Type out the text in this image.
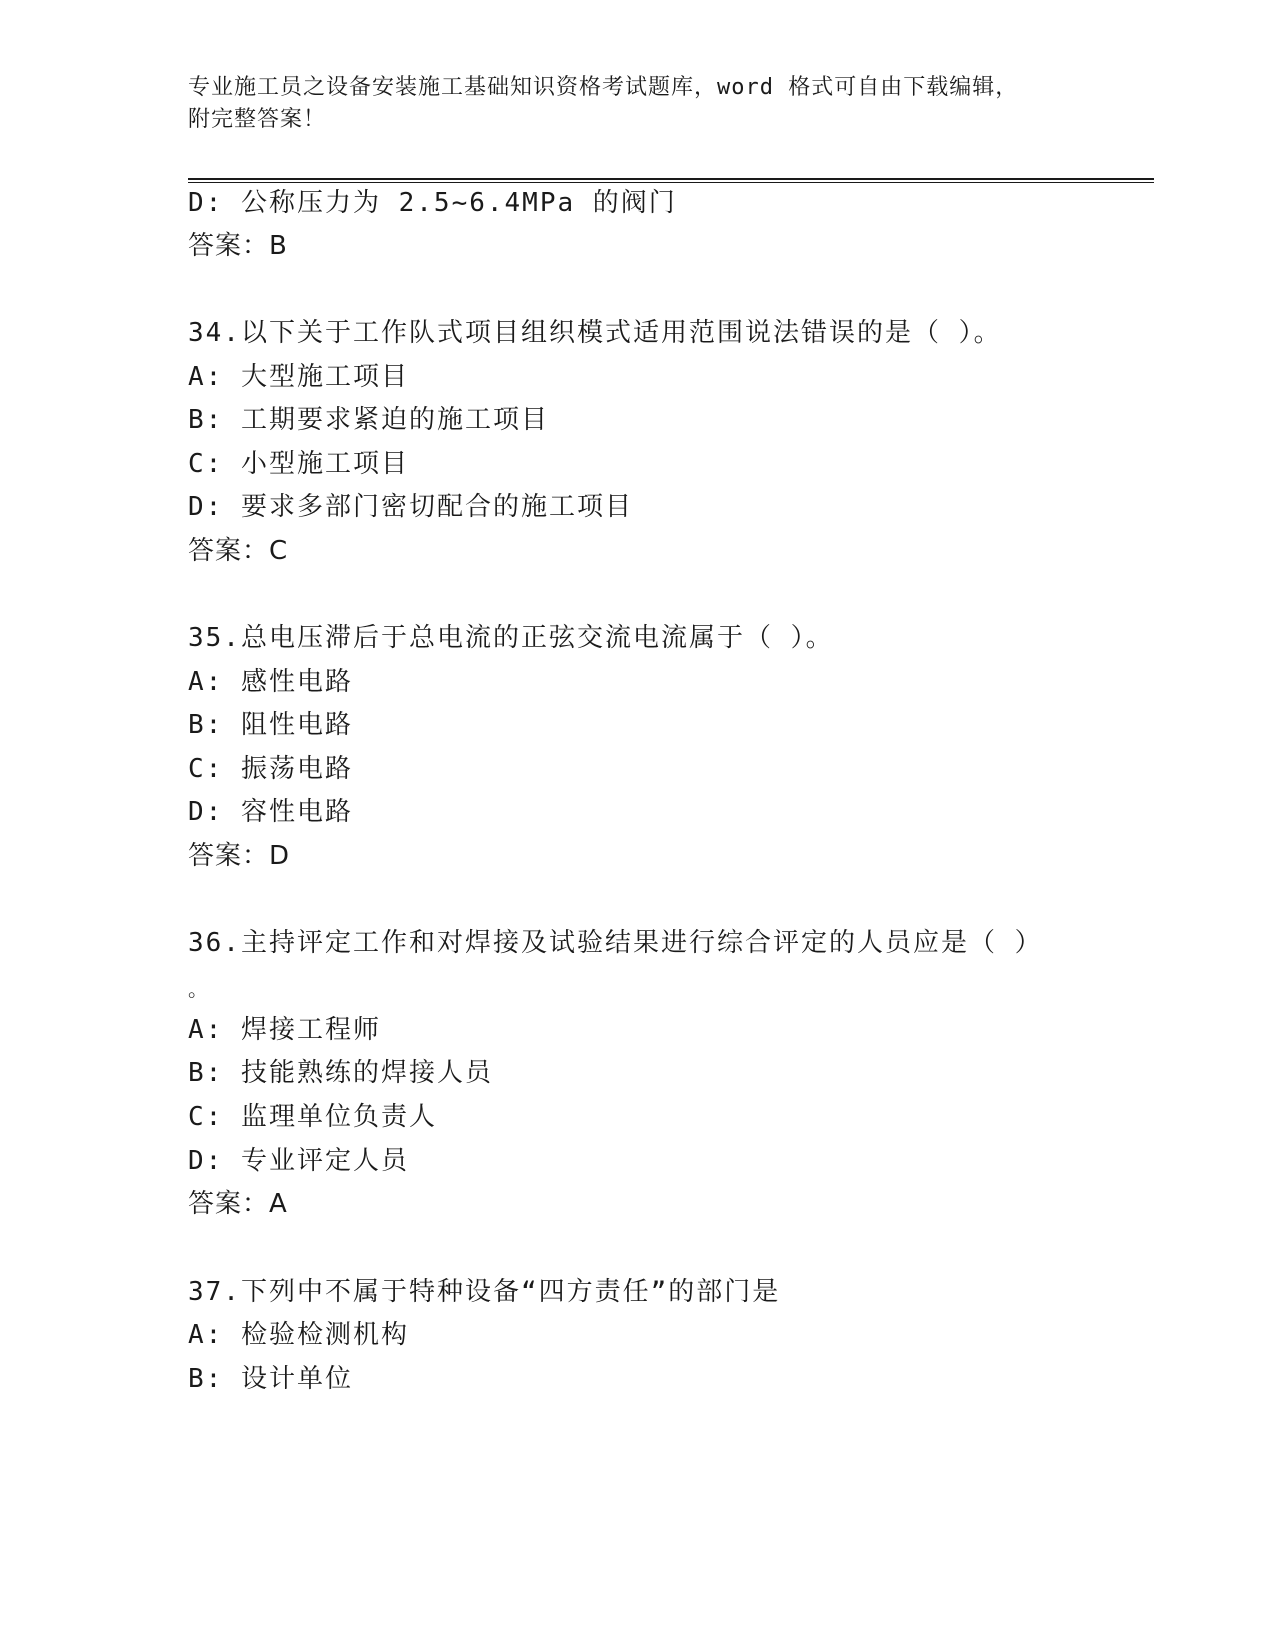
专业施工员之设备安装施工基础知识资格考试题库，word 格式可自由下载编辑，
附完整答案！
D: 公称压力为 2.5~6.4MPa 的阀门
答案：B
34.以下关于工作队式项目组织模式适用范围说法错误的是（ ）。
A: 大型施工项目
B: 工期要求紧迫的施工项目
C: 小型施工项目
D: 要求多部门密切配合的施工项目
答案：C
35.总电压滞后于总电流的正弦交流电流属于（ ）。
A: 感性电路
B: 阻性电路
C: 振荡电路
D: 容性电路
答案：D
36.主持评定工作和对焊接及试验结果进行综合评定的人员应是（ ）
。
A: 焊接工程师
B: 技能熟练的焊接人员
C: 监理单位负责人
D: 专业评定人员
答案：A
37.下列中不属于特种设备“四方责任”的部门是
A: 检验检测机构
B: 设计单位
